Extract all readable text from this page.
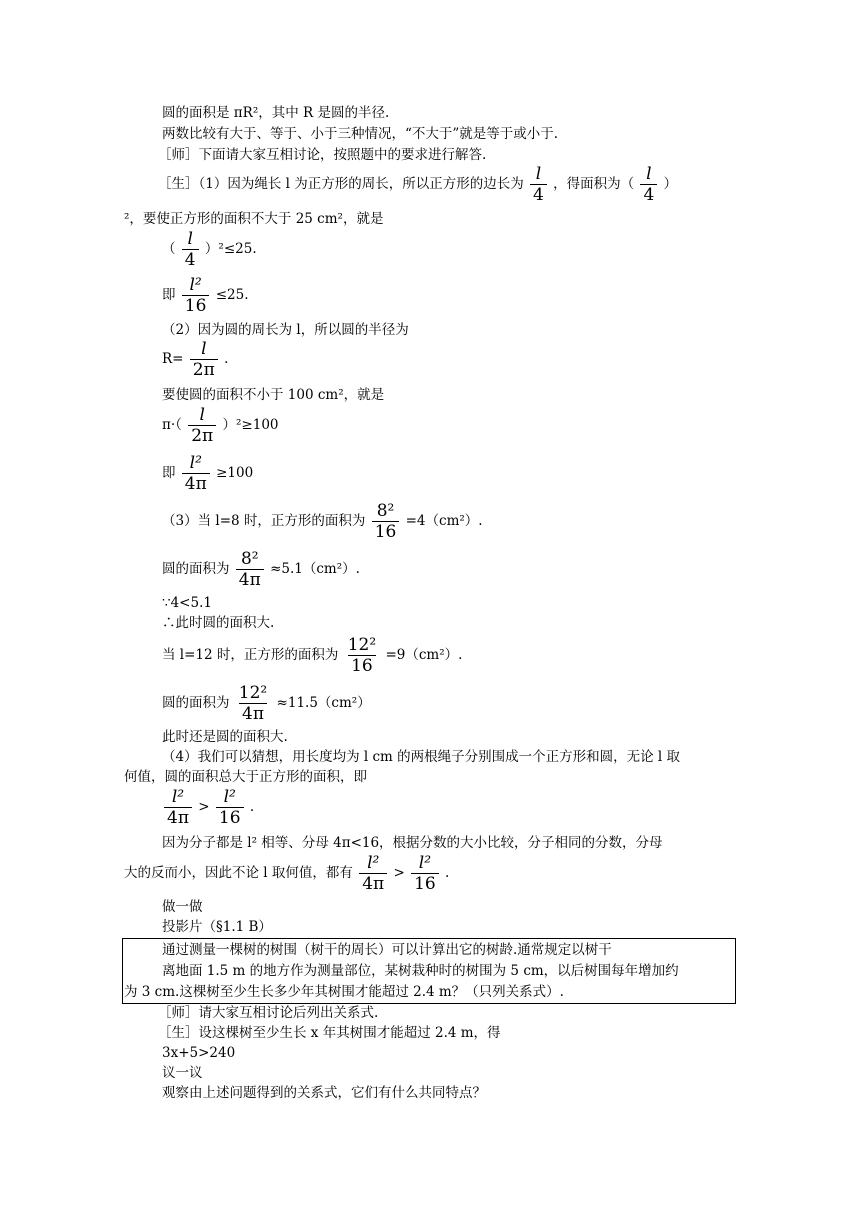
圆的面积是 πR²，其中 R 是圆的半径.
两数比较有大于、等于、小于三种情况，“不大于”就是等于或小于.
［师］下面请大家互相讨论，按照题中的要求进行解答.
［生］（1）因为绳长 l 为正方形的周长，所以正方形的边长为 $\frac{l}{4}$ ，得面积为（ $\frac{l}{4}$ ）
²，要使正方形的面积不大于 25 cm²，就是
（ $\frac{l}{4} )^2\le 25$.
即 $\frac{\text{l²}}{16} \le 25$.
（2）因为圆的周长为 l，所以圆的半径为
$R= \frac{l}{2\pi}$ .
要使圆的面积不小于 100 cm²，就是
$\pi\cdot( \frac{l}{2\pi} )^2\ge 100$
即 $\frac{\text{l²}}{4\pi} \ge 100$
（3）当 l=8 时，正方形的面积为 $\frac{\text{8²}}{16} =4(cm^2)$.
圆的面积为 $\frac{\text{8²}}{4\pi} \approx 5.1(cm^2)$.
∵4<5.1
∴此时圆的面积大.
当 l=12 时，正方形的面积为 $\frac{\text{12²}}{16} =9(cm^2)$.
圆的面积为 $\frac{\text{12²}}{4\pi} \approx 11.5(cm^2)$
此时还是圆的面积大.
（4）我们可以猜想，用长度均为 l cm 的两根绳子分别围成一个正方形和圆，无论 l 取
何值，圆的面积总大于正方形的面积，即
$\frac{\text{l²}}{4\pi} > \frac{\text{l²}}{16}$ .
因为分子都是 l² 相等、分母 4π<16，根据分数的大小比较，分子相同的分数，分母
大的反而小，因此不论 l 取何值，都有 $\frac{\text{l²}}{4\pi} > \frac{\text{l²}}{16}$ .
做一做
投影片（§1.1 B）
通过测量一棵树的树围（树干的周长）可以计算出它的树龄.通常规定以树干
离地面 1.5 m 的地方作为测量部位，某树栽种时的树围为 5 cm，以后树围每年增加约
为 3 cm.这棵树至少生长多少年其树围才能超过 2.4 m？（只列关系式）.
［师］请大家互相讨论后列出关系式.
［生］设这棵树至少生长 x 年其树围才能超过 2.4 m，得
3x+5>240
议一议
观察由上述问题得到的关系式，它们有什么共同特点？
